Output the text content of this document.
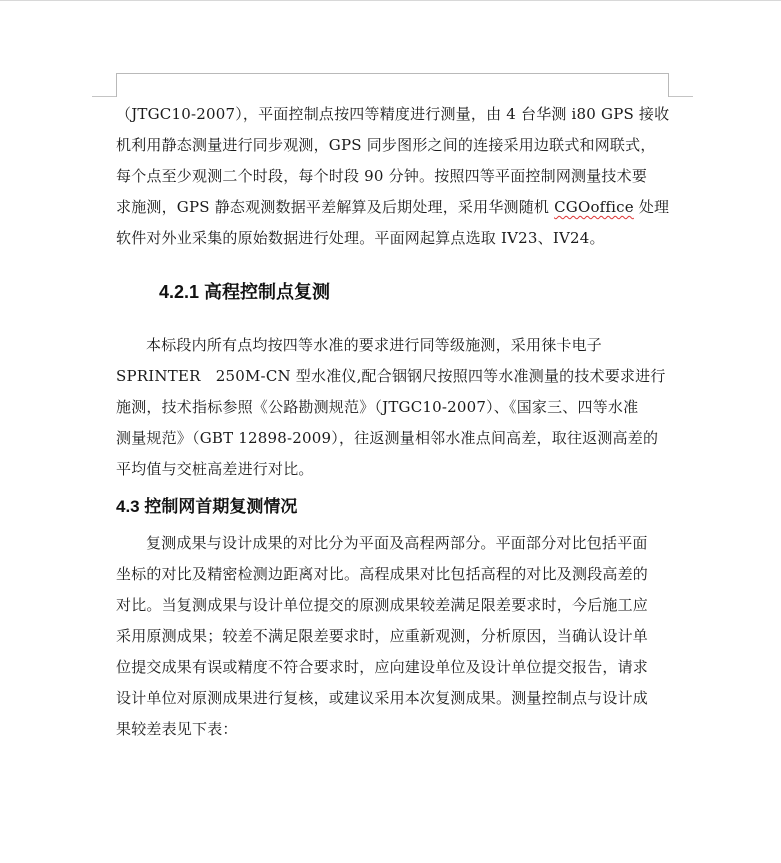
（JTGC10-2007），平面控制点按四等精度进行测量，由 4 台华测 i80 GPS 接收
机利用静态测量进行同步观测，GPS 同步图形之间的连接采用边联式和网联式，
每个点至少观测二个时段，每个时段 90 分钟。按照四等平面控制网测量技术要
求施测，GPS 静态观测数据平差解算及后期处理，采用华测随机 CGOoffice 处理
软件对外业采集的原始数据进行处理。平面网起算点选取 IV23、IV24。
4.2.1 高程控制点复测
本标段内所有点均按四等水准的要求进行同等级施测，采用徕卡电子
SPRINTER　250M-CN 型水准仪,配合铟钢尺按照四等水准测量的技术要求进行
施测，技术指标参照《公路勘测规范》（JTGC10-2007）、《国家三、四等水准
测量规范》（GBT 12898-2009），往返测量相邻水准点间高差，取往返测高差的
平均值与交桩高差进行对比。
4.3 控制网首期复测情况
复测成果与设计成果的对比分为平面及高程两部分。平面部分对比包括平面
坐标的对比及精密检测边距离对比。高程成果对比包括高程的对比及测段高差的
对比。当复测成果与设计单位提交的原测成果较差满足限差要求时，今后施工应
采用原测成果；较差不满足限差要求时，应重新观测，分析原因，当确认设计单
位提交成果有误或精度不符合要求时，应向建设单位及设计单位提交报告，请求
设计单位对原测成果进行复核，或建议采用本次复测成果。测量控制点与设计成
果较差表见下表：
